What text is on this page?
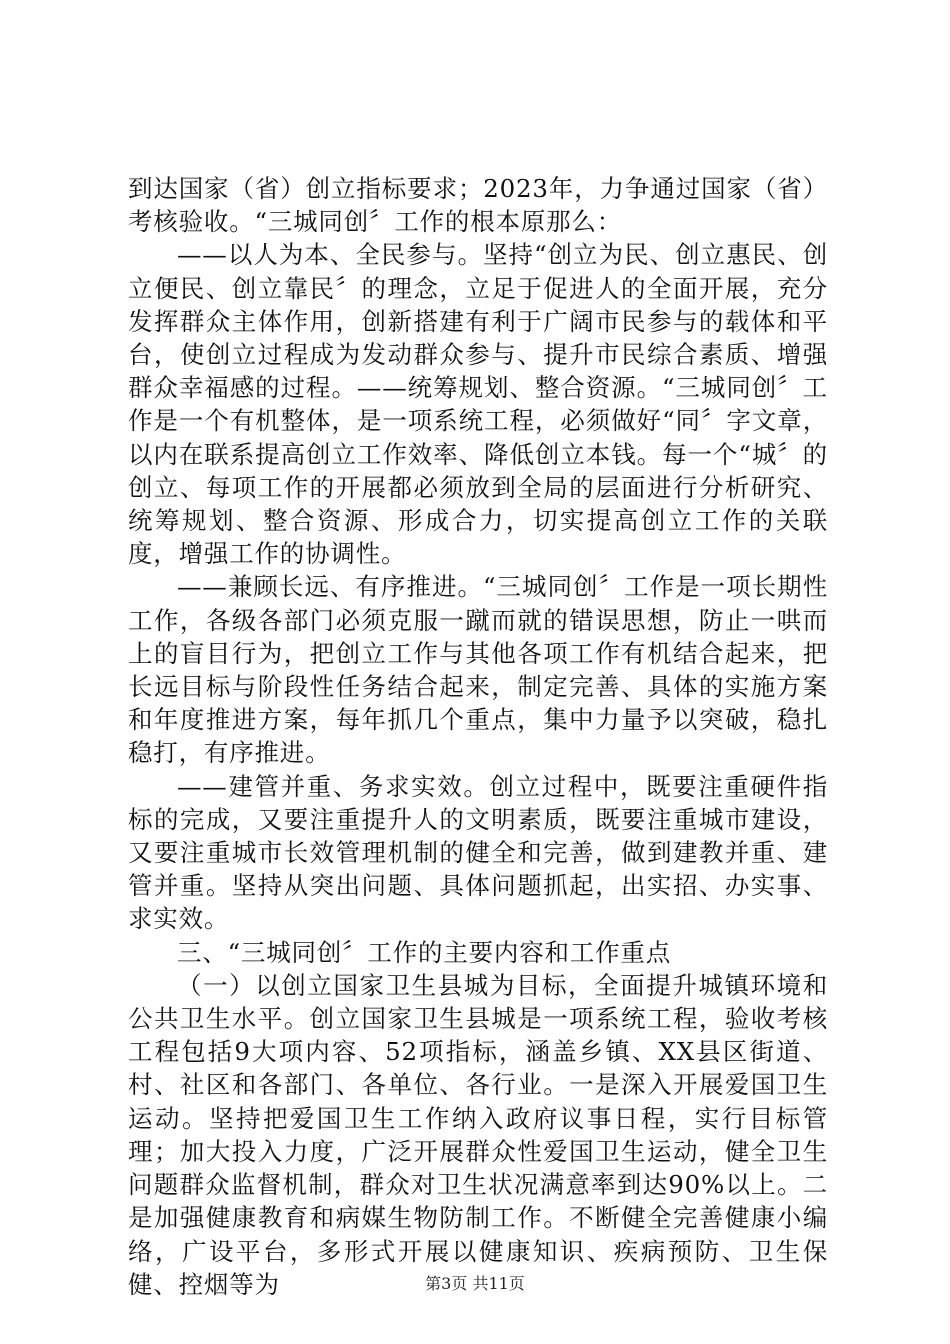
到达国家（省）创立指标要求；2023年，力争通过国家（省）考核验收。“三城同创〞工作的根本原那么：

——以人为本、全民参与。坚持“创立为民、创立惠民、创立便民、创立靠民〞的理念，立足于促进人的全面开展，充分发挥群众主体作用，创新搭建有利于广阔市民参与的载体和平台，使创立过程成为发动群众参与、提升市民综合素质、增强群众幸福感的过程。——统筹规划、整合资源。“三城同创〞工作是一个有机整体，是一项系统工程，必须做好“同〞字文章，以内在联系提高创立工作效率、降低创立本钱。每一个“城〞的创立、每项工作的开展都必须放到全局的层面进行分析研究、统筹规划、整合资源、形成合力，切实提高创立工作的关联度，增强工作的协调性。

——兼顾长远、有序推进。“三城同创〞工作是一项长期性工作，各级各部门必须克服一蹴而就的错误思想，防止一哄而上的盲目行为，把创立工作与其他各项工作有机结合起来，把长远目标与阶段性任务结合起来，制定完善、具体的实施方案和年度推进方案，每年抓几个重点，集中力量予以突破，稳扎稳打，有序推进。

——建管并重、务求实效。创立过程中，既要注重硬件指标的完成，又要注重提升人的文明素质，既要注重城市建设，又要注重城市长效管理机制的健全和完善，做到建教并重、建管并重。坚持从突出问题、具体问题抓起，出实招、办实事、求实效。

三、“三城同创〞工作的主要内容和工作重点

（一）以创立国家卫生县城为目标，全面提升城镇环境和公共卫生水平。创立国家卫生县城是一项系统工程，验收考核工程包括9大项内容、52项指标，涵盖乡镇、XX县区街道、村、社区和各部门、各单位、各行业。一是深入开展爱国卫生运动。坚持把爱国卫生工作纳入政府议事日程，实行目标管理；加大投入力度，广泛开展群众性爱国卫生运动，健全卫生问题群众监督机制，群众对卫生状况满意率到达90%以上。二是加强健康教育和病媒生物防制工作。不断健全完善健康小编络，广设平台，多形式开展以健康知识、疾病预防、卫生保健、控烟等为	第3页 共11页
